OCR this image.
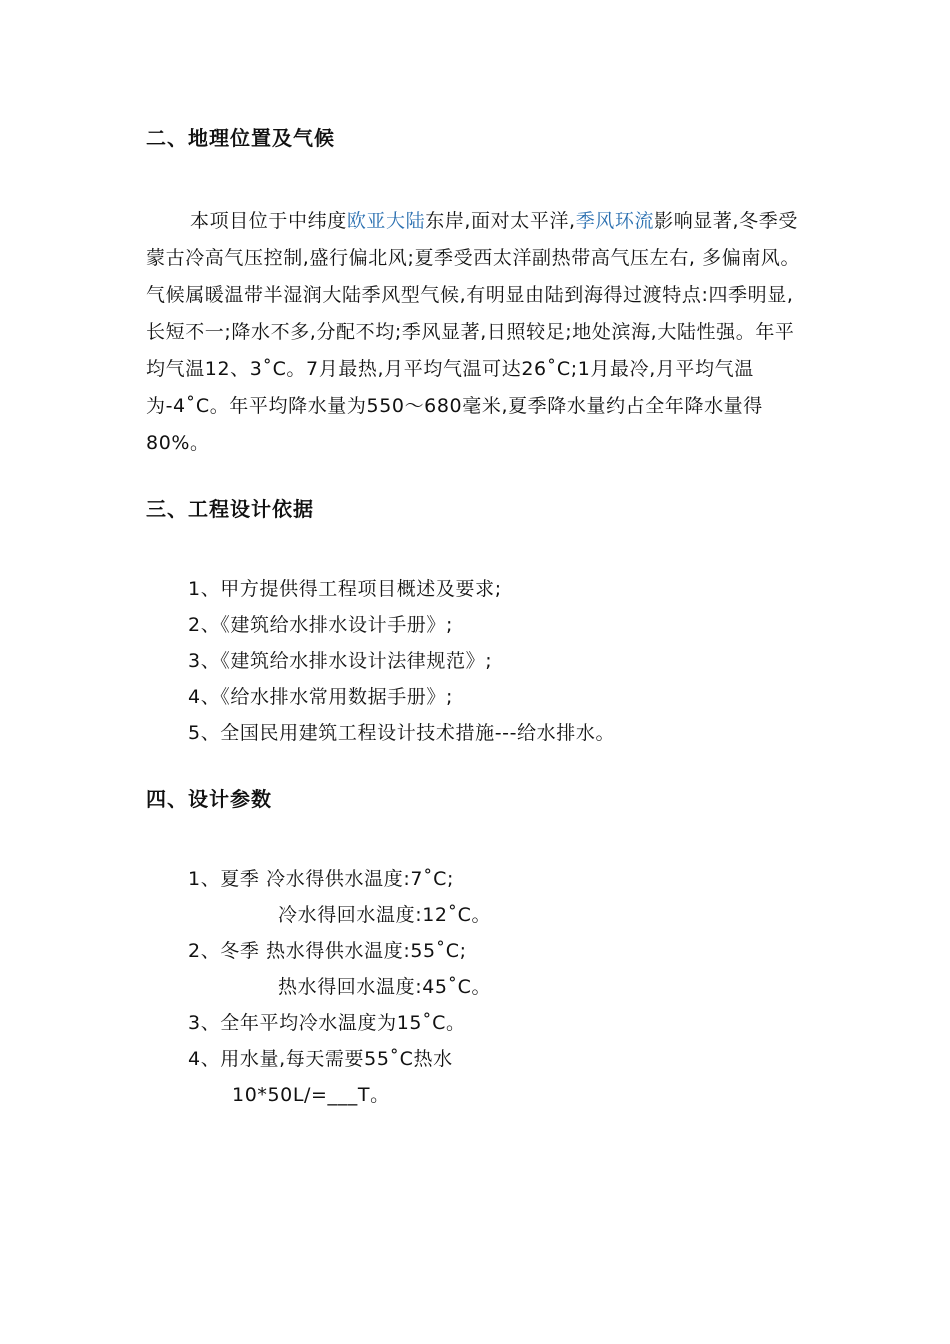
二、地理位置及气候

本项目位于中纬度欧亚大陆东岸,面对太平洋,季风环流影响显著,冬季受蒙古冷高气压控制,盛行偏北风;夏季受西太洋副热带高气压左右, 多偏南风。气候属暖温带半湿润大陆季风型气候,有明显由陆到海得过渡特点:四季明显,长短不一;降水不多,分配不均;季风显著,日照较足;地处滨海,大陆性强。年平均气温12、3˚C。7月最热,月平均气温可达26˚C;1月最冷,月平均气温为-4˚C。年平均降水量为550～680毫米,夏季降水量约占全年降水量得80%。

三、工程设计依据
1、甲方提供得工程项目概述及要求;
2、《建筑给水排水设计手册》;
3、《建筑给水排水设计法律规范》;
4、《给水排水常用数据手册》;
5、全国民用建筑工程设计技术措施---给水排水。
四、设计参数
1、夏季 冷水得供水温度:7˚C;
冷水得回水温度:12˚C。
2、冬季 热水得供水温度:55˚C;
热水得回水温度:45˚C。
3、全年平均冷水温度为15˚C。
4、用水量,每天需要55˚C热水
10*50L/=___T。
